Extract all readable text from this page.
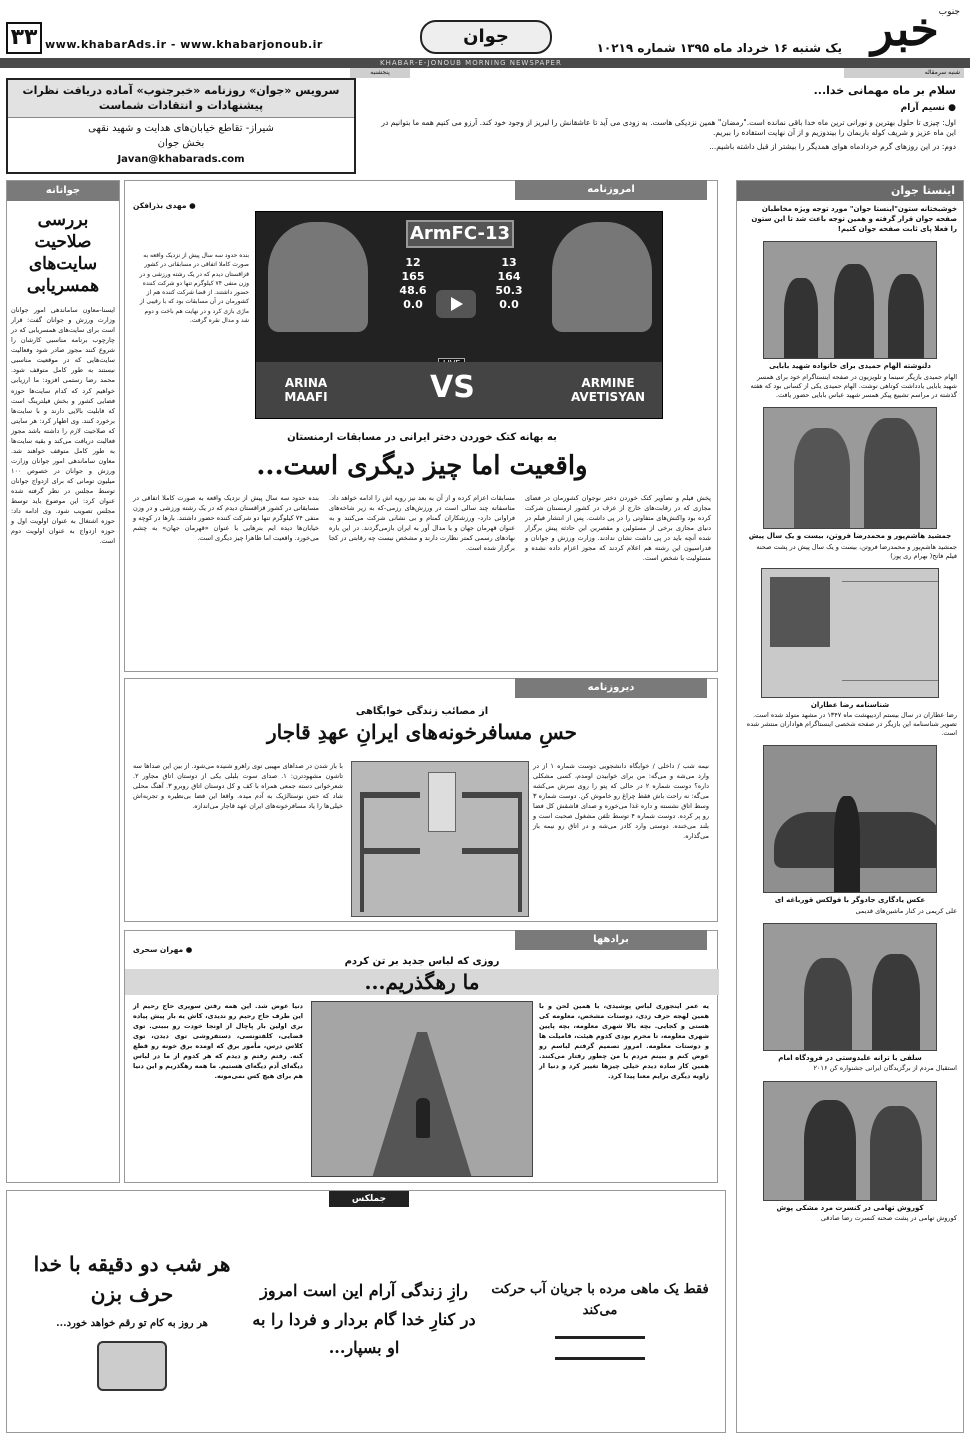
خبر جنوب
یک شنبه ۱۶ خرداد ماه ۱۳۹۵ شماره ۱۰۲۱۹
جوان
www.khabarAds.ir - www.khabarjonoub.ir
۳۳
KHABAR-E-JONOUB MORNING NEWSPAPER
شنبه سرمقاله
پنجشنبه
سلام بر ماه مهمانی خدا...
● نسیم آرام

اول: چیزی تا حلول بهترین و نورانی ترین ماه خدا باقی نمانده است."رمضان" همین نزدیکی هاست. به زودی می آید تا عاشقانش را لبریز از وجود خود کند. آرزو می کنیم همه ما بتوانیم در این ماه عزیز و شریف کوله باربمان را بیندوزیم و از آن نهایت استفاده را ببریم.

دوم: در این روزهای گرم خردادماه هوای همدیگر را بیشتر از قبل داشته باشیم...

سرویس «جوان» روزنامه «خبرجنوب» آماده دریافت نظرات پیشنهادات و انتقادات شماست
شیراز- تقاطع خیابان‌های هدایت و شهید نقهی
بخش جوان
Javan@khabarads.com
اینستا جوان
خوشبختانه ستون"اینستا جوان" مورد توجه ویژه مخاطبان صفحه جوان قرار گرفته و همین توجه باعث شد تا این ستون را فعلا پای ثابت صفحه جوان کنیم!
دلنوشته الهام حمیدی برای خانواده شهید بابایی
الهام حمیدی بازیگر سینما و تلویزیون در صفحه اینستاگرام خود برای همسر شهید بابایی یادداشت کوتاهی نوشت. الهام حمیدی یکی از کسانی بود که هفته گذشته در مراسم تشییع پیکر همسر شهید عباس بابایی حضور یافت.
جمشید هاشم‌پور و محمدرضا فروتن، بیست و یک سال پیش
جمشید هاشم‌پور و محمدرضا فروتن، بیست و یک سال پیش در پشت صحنه فیلم فاتح( بهرام ری پور)
شناسنامه رضا عطاران
رضا عطاران در سال بیستم اردیبهشت ماه ۱۳۴۷ در مشهد متولد شده است. تصویر شناسنامه این بازیگر در صفحه شخصی اینستاگرام هواداران منتشر شده است.
عکس یادگاری جادوگر با فولکس قورباغه ای
علی کریمی در کنار ماشین‌های قدیمی
سلفی با ترانه علیدوستی در فرودگاه امام
استقبال مردم از برگزیدگان ایرانی جشنواره کن ۲۰۱۶
کوروش تهامی در کنسرت مرد مشکی پوش
کوروش تهامی در پشت صحنه کنسرت رضا صادقی
جوانانه
بررسی صلاحیت سایت‌های همسریابی
ایسنا-معاون ساماندهی امور جوانان وزارت ورزش و جوانان گفت: قرار است برای سایت‌های همسریابی که در چارچوب برنامه مناسبی کارشان را شروع کنند مجوز صادر شود وفعالیت سایت‌هایی که در موقعیت مناسبی نیستند به طور کامل متوقف شود. محمد رضا رستمی افزود: ما ارزیابی خواهیم کرد که کدام سایت‌ها حوزه فضایی کشور و بخش فیلترینگ است که قابلیت بالایی دارند و با سایت‌ها برخورد کنند. وی اظهار کرد: هر سایتی که صلاحیت لازم را داشته باشد مجوز فعالیت دریافت می‌کند و بقیه سایت‌ها به طور کامل متوقف خواهند شد. معاون ساماندهی امور جوانان وزارت ورزش و جوانان در خصوص ۱۰۰ میلیون تومانی که برای ازدواج جوانان توسط مجلس در نظر گرفته شده عنوان کرد: این موضوع باید توسط مجلس تصویب شود. وی ادامه داد: حوزه اشتغال به عنوان اولویت اول و حوزه ازدواج به عنوان اولویت دوم است.
امروزنامه
● مهدی بذرافکن
ArmFC-13
12
165
48.6
0.0
13
164
50.3
0.0
ARINA MAAFI	VS	ARMINE AVETISYAN
بنده حدود سه سال پیش از نزدیک واقعه به صورت کاملا اتفاقی در مسابقاتی در کشور قزاقستان دیدم که در یک رشته ورزشی و در وزن منفی ۷۴ کیلوگرم تنها دو شرکت کننده حضور داشتند. از قضا شرکت کننده هم از کشورمان در آن مسابقات بود که با رقیبی از ماژی بازی کرد و در نهایت هم باخت و دوم شد و مدال نقره گرفت.
به بهانه کتک خوردن دختر ایرانی در مسابقات ارمنستان
واقعیت اما چیز دیگری است...

پخش فیلم و تصاویر کتک خوردن دختر نوجوان کشورمان در فضای مجازی که در رقابت‌های خارج از عرف در کشور ارمنستان شرکت کرده بود واکنش‌های متفاوتی را در پی داشت. پس از انتشار فیلم در دنیای مجازی برخی از مسئولین و مقصرین این حادثه پیش برگزار شده آنچه باید در پی داشت نشان ندادند. وزارت ورزش و جوانان و فدراسیون این رشته هم اعلام کردند که مجوز اعزام داده نشده و مسئولیت با شخص است.

مسابقات اعزام کرده و از آن به بعد نیز رویه اش را ادامه خواهد داد. متاسفانه چند سالی است در ورزش‌های رزمی-که به زیر شاخه‌های فراوانی دارد- ورزشکاران گمنام و بی نشانی شرکت می‌کنند و به عنوان قهرمان جهان و یا مدال آور به ایران بازمی‌گردند. در این باره نهادهای رسمی کمتر نظارت دارند و مشخص نیست چه رقابتی در کجا برگزار شده است.

بنده حدود سه سال پیش از نزدیک واقعه به صورت کاملا اتفاقی در مسابقاتی در کشور قزاقستان دیدم که در یک رشته ورزشی و در وزن منفی ۷۴ کیلوگرم تنها دو شرکت کننده حضور داشتند. بارها در کوچه و خیابان‌ها دیده ایم بنرهایی با عنوان «قهرمان جهان» به چشم می‌خورد. واقعیت اما ظاهرا چیز دیگری است.

دیروزنامه
از مصائب زندگی خوابگاهی
حسِ مسافرخونه‌های ایرانِ عهدِ قاجار
نیمه شب / داخلی / خوابگاه دانشجویی دوست شماره ۱ از در وارد می‌شه و می‌گه: من برای خوابیدن اومدم، کسی مشکلی داره؟ دوست شماره ۲ در حالی که پتو را روی سرش می‌کشه می‌گه: نه راحت باش فقط چراغ رو خاموش کن. دوست شماره ۳ وسط اتاق نشسته و داره غذا می‌خوره و صدای قاشقش کل فضا رو پر کرده. دوست شماره ۴ توسط تلفن مشغول صحبت است و بلند می‌خنده. دوستی وارد کادر می‌شه و در اتاق رو نیمه باز می‌گذاره.
با باز شدن در صداهای مهیبی توی راهرو شنیده می‌شود. از بین این صداها سه تاشون مشهودترن: ۱. صدای سوت بلبلی یکی از دوستان اتاق مجاور ۲. شعرخوانی دسته جمعی همراه با کف و کل دوستان اتاق روبرو ۳. آهنگ محلی شاد که حس نوستالژیک به آدم میده. واقعا این فضا بی‌نظیره و تجربه‌اش خیلی‌ها را یاد مسافرخونه‌های ایران عهد قاجار می‌اندازه.
برادهها
● مهران سحری
روزی که لباس جدید بر تن کردم
ما رهگذریم...
یه عمر اینجوری لباس پوشیدی، با همین لحن و با همین لهجه حرف زدی، دوستات مشخص، معلومه کی هستی و کجایی. بچه بالا شهری معلومه، بچه پایین شهری معلومه، تا محرم بودی کدوم هیئت، فامیلت ها و دوستات معلومه. امروز تصمیم گرفتم لباسم رو عوض کنم و ببینم مردم با من چطور رفتار می‌کنند. همین کار ساده دیدم خیلی چیزها تغییر کرد و دنیا از زاویه دیگری برایم معنا پیدا کرد.
دنیا عوض شد. این همه رفتن سوپری حاج رحیم از این طرف حاج رحیم رو ندیدی، کاش یه بار پیش پیاده بری اولین بار پاچال از اونجا خودت رو ببینی. توی قضایی، کلفتونسی، دستفروشی توی دیدن، توی کلاس درس، مأمور برق که اومده برق خونه رو قطع کنه. رفتم رفتم و دیدم که هر کدوم از ما در لباس دیگه‌ای آدم دیگه‌ای هستیم. ما همه رهگذریم و این دنیا هم برای هیچ کس نمی‌مونه.
جملکس
فقط یک ماهی مرده با جریان آب حرکت می‌کند
رازِ زندگی آرام این است امروز در کنارِ خدا گام بردار و فردا را به او بسپار...
هر شب دو دقیقه با خدا حرف بزن
هر روز به کام تو رقم خواهد خورد...
